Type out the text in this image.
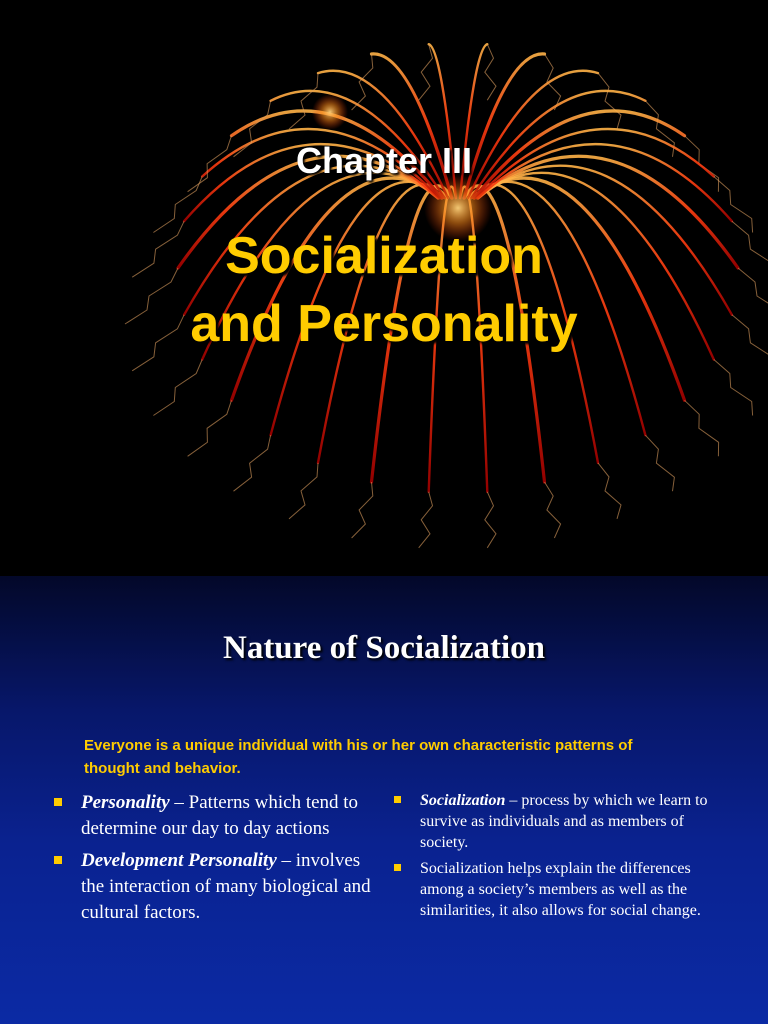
Chapter III
Socialization
and Personality
Nature of Socialization
Everyone is a unique individual with his or her own characteristic patterns of thought and behavior.
Personality – Patterns which tend to determine our day to day actions
Development Personality – involves the interaction of many biological and cultural factors.
Socialization – process by which we learn to survive as individuals and as members of society.
Socialization helps explain the differences among a society’s members as well as the similarities, it also allows for social change.
